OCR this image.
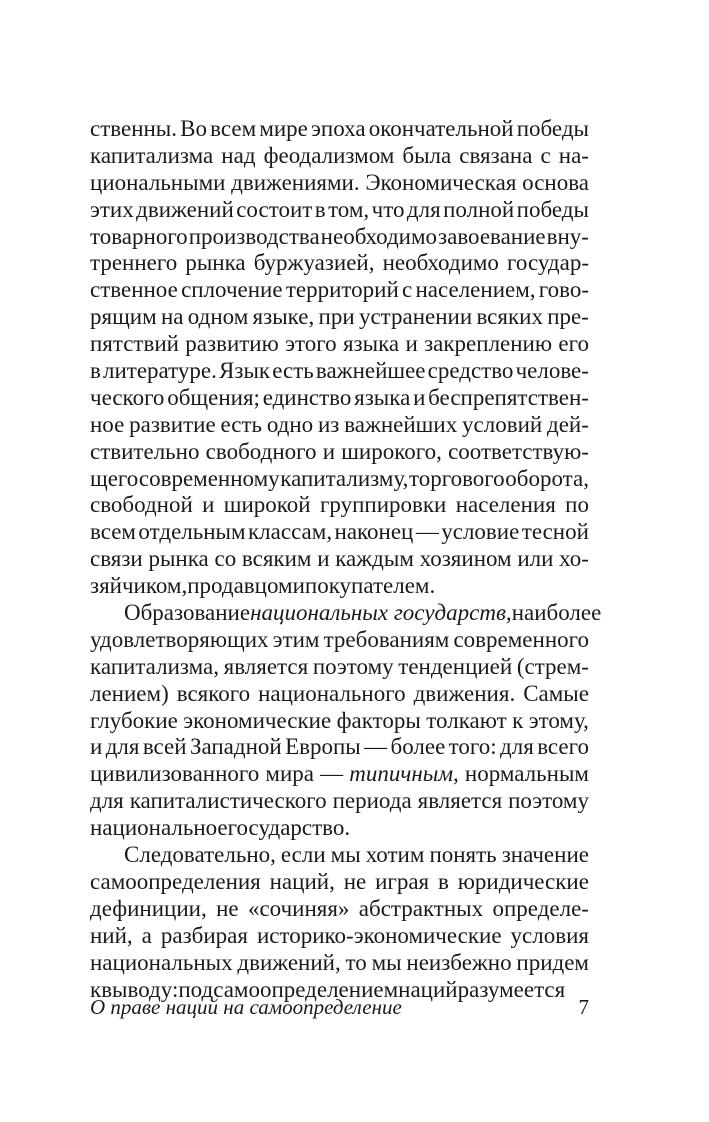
ственны. Во всем мире эпоха окончательной победы
капитализма над феодализмом была связана с на-
циональными движениями. Экономическая основа
этих движений состоит в том, что для полной победы
товарного производства необходимо завоевание вну-
треннего рынка буржуазией, необходимо государ-
ственное сплочение территорий с населением, гово-
рящим на одном языке, при устранении всяких пре-
пятствий развитию этого языка и закреплению его
в литературе. Язык есть важнейшее средство челове-
ческого общения; единство языка и беспрепятствен-
ное развитие есть одно из важнейших условий дей-
ствительно свободного и широкого, соответствую-
щего современному капитализму, торгового оборота,
свободной и широкой группировки населения по
всем отдельным классам, наконец — условие тесной
связи рынка со всяким и каждым хозяином или хо-
зяйчиком, продавцом и покупателем.
Образование национальных государств, наиболее
удовлетворяющих этим требованиям современного
капитализма, является поэтому тенденцией (стрем-
лением) всякого национального движения. Самые
глубокие экономические факторы толкают к этому,
и для всей Западной Европы — более того: для всего
цивилизованного мира — типичным, нормальным
для капиталистического периода является поэтому
национальное государство.
Следовательно, если мы хотим понять значение
самоопределения наций, не играя в юридические
дефиниции, не «сочиняя» абстрактных определе-
ний, а разбирая историко-экономические условия
национальных движений, то мы неизбежно придем
к выводу: под самоопределением наций разумеется
О праве наций на самоопределение	7
